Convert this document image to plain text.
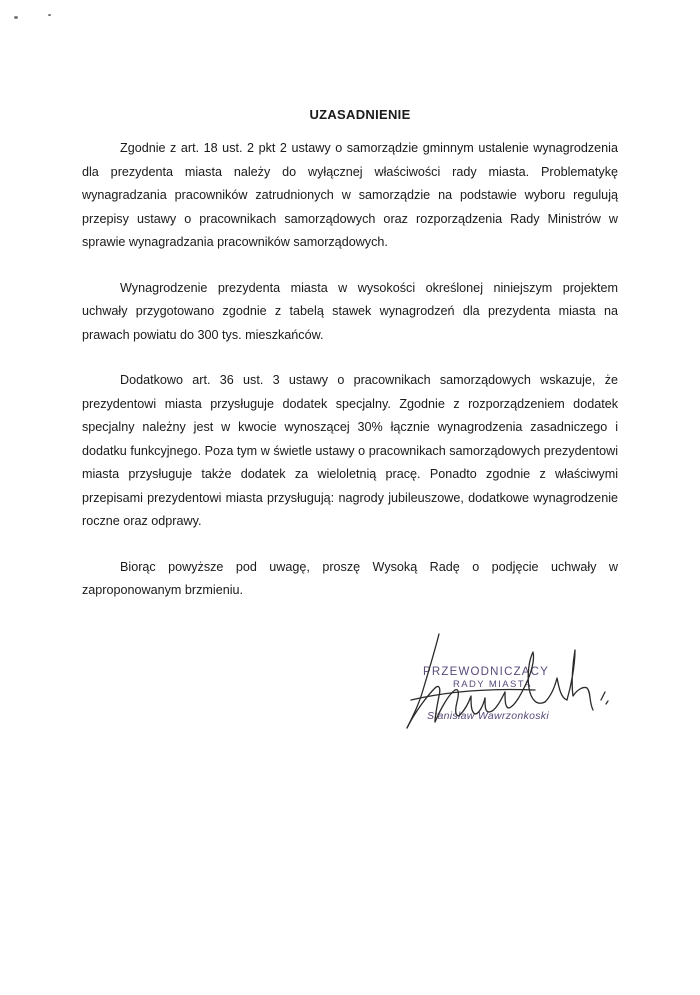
UZASADNIENIE

Zgodnie z art. 18 ust. 2 pkt 2 ustawy o samorządzie gminnym ustalenie wynagrodzenia dla prezydenta miasta należy do wyłącznej właściwości rady miasta. Problematykę wynagradzania pracowników zatrudnionych w samorządzie na podstawie wyboru regulują przepisy ustawy o pracownikach samorządowych oraz rozporządzenia Rady Ministrów w sprawie wynagradzania pracowników samorządowych.

Wynagrodzenie prezydenta miasta w wysokości określonej niniejszym projektem uchwały przygotowano zgodnie z tabelą stawek wynagrodzeń dla prezydenta miasta na prawach powiatu do 300 tys. mieszkańców.

Dodatkowo art. 36 ust. 3 ustawy o pracownikach samorządowych wskazuje, że prezydentowi miasta przysługuje dodatek specjalny. Zgodnie z rozporządzeniem dodatek specjalny należny jest w kwocie wynoszącej 30% łącznie wynagrodzenia zasadniczego i dodatku funkcyjnego. Poza tym w świetle ustawy o pracownikach samorządowych prezydentowi miasta przysługuje także dodatek za wieloletnią pracę. Ponadto zgodnie z właściwymi przepisami prezydentowi miasta przysługują: nagrody jubileuszowe, dodatkowe wynagrodzenie roczne oraz odprawy.

Biorąc powyższe pod uwagę, proszę Wysoką Radę o podjęcie uchwały w zaproponowanym brzmieniu.

PRZEWODNICZĄCY
RADY MIASTA
Stanisław Wawrzonkoski
